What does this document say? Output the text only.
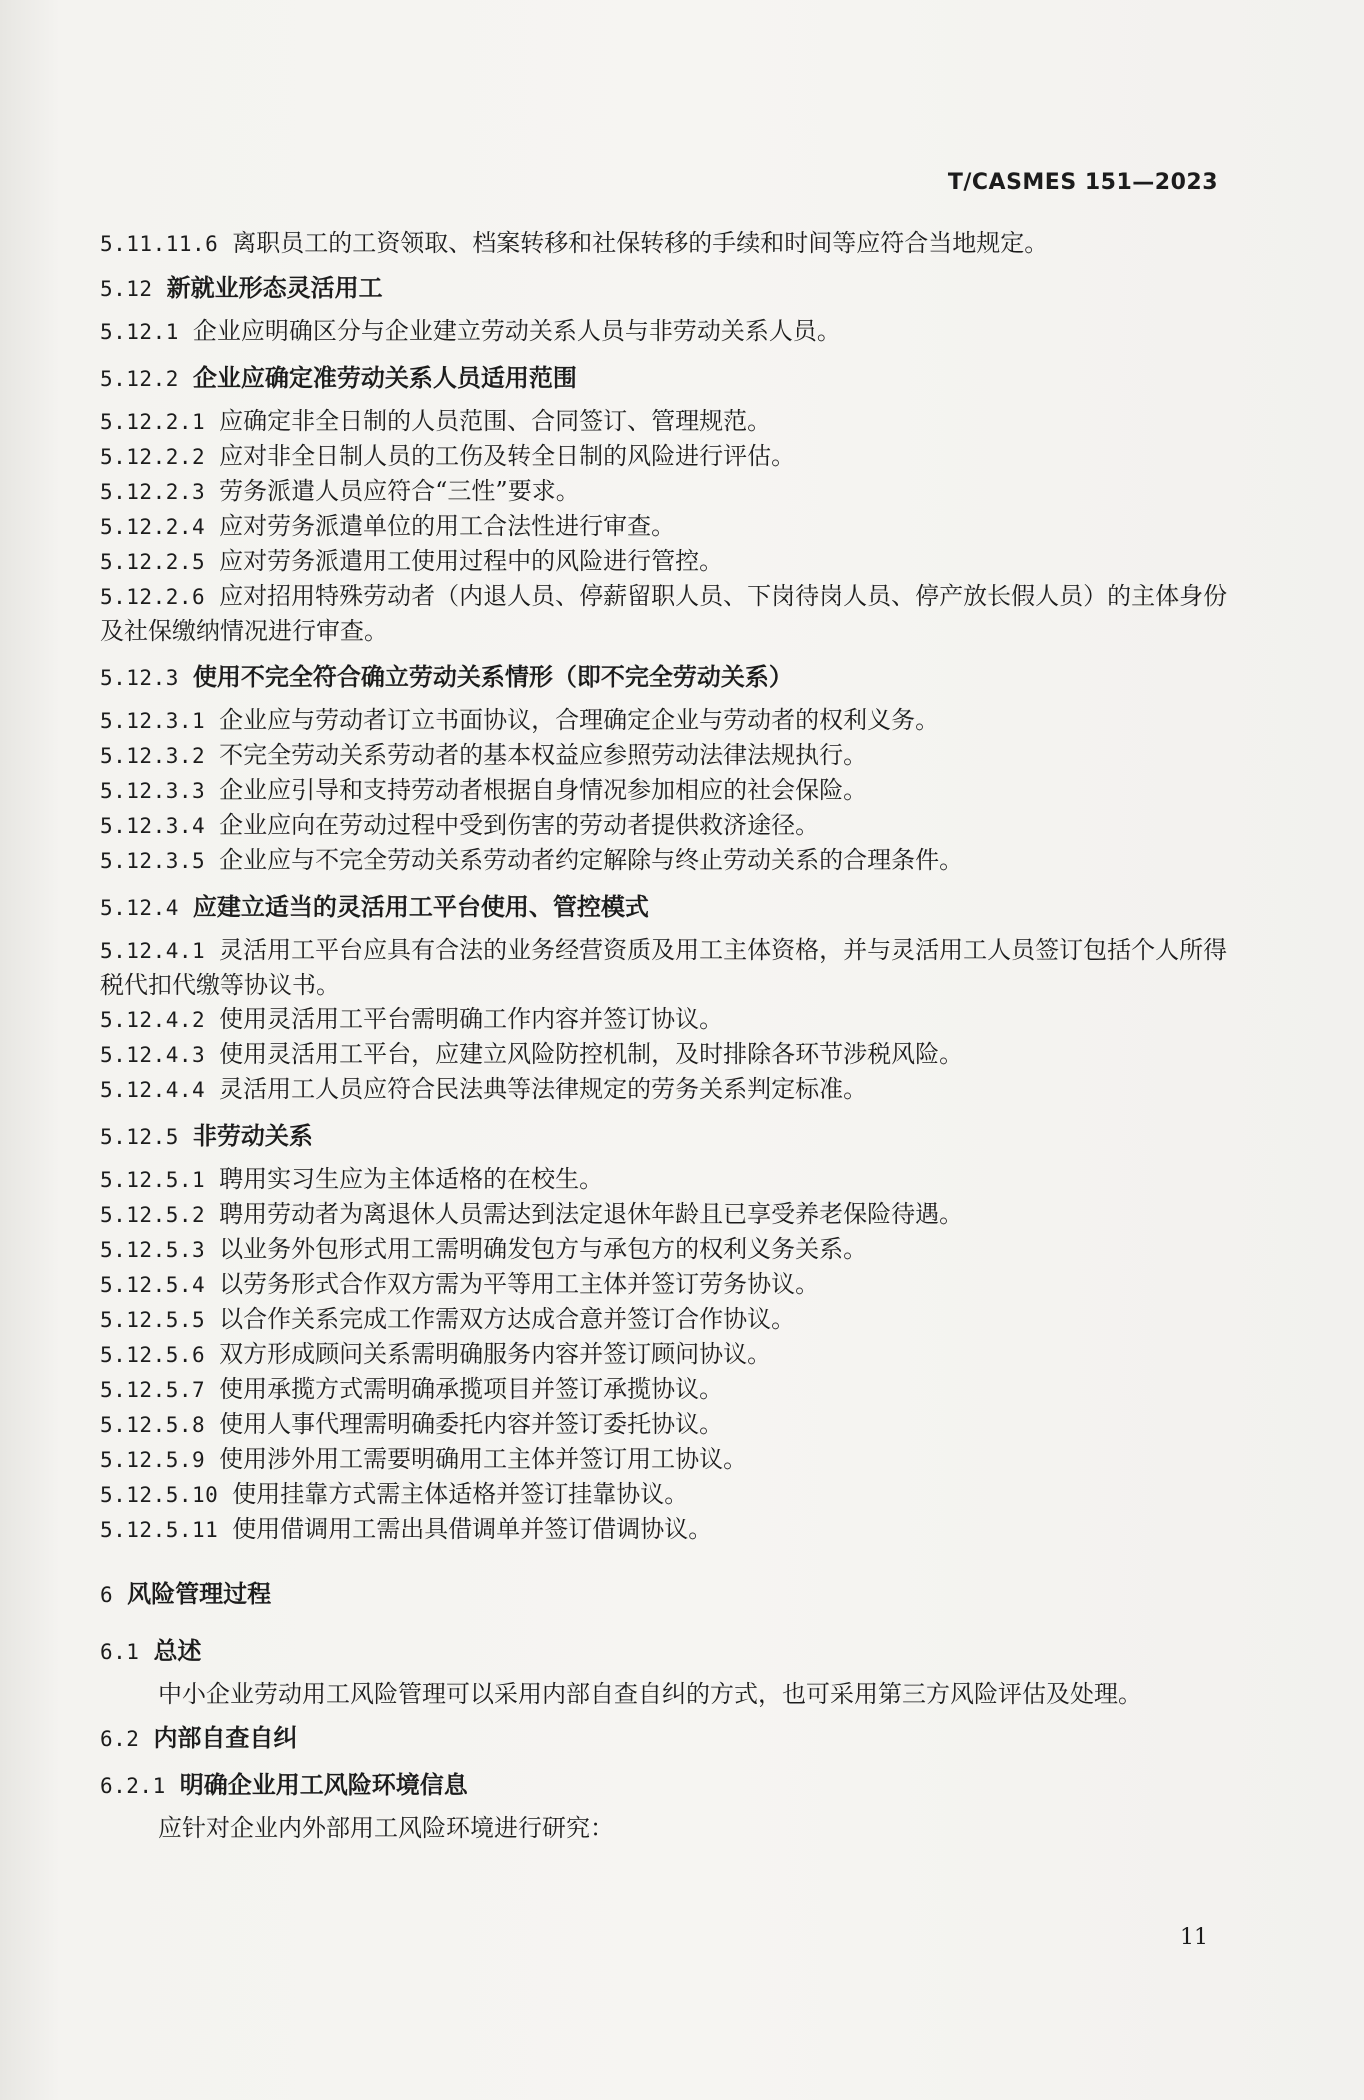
T/CASMES 151—2023
5.11.11.6 离职员工的工资领取、档案转移和社保转移的手续和时间等应符合当地规定。
5.12 新就业形态灵活用工
5.12.1 企业应明确区分与企业建立劳动关系人员与非劳动关系人员。
5.12.2 企业应确定准劳动关系人员适用范围
5.12.2.1 应确定非全日制的人员范围、合同签订、管理规范。
5.12.2.2 应对非全日制人员的工伤及转全日制的风险进行评估。
5.12.2.3 劳务派遣人员应符合“三性”要求。
5.12.2.4 应对劳务派遣单位的用工合法性进行审查。
5.12.2.5 应对劳务派遣用工使用过程中的风险进行管控。
5.12.2.6 应对招用特殊劳动者（内退人员、停薪留职人员、下岗待岗人员、停产放长假人员）的主体身份及社保缴纳情况进行审查。
5.12.3 使用不完全符合确立劳动关系情形（即不完全劳动关系）
5.12.3.1 企业应与劳动者订立书面协议，合理确定企业与劳动者的权利义务。
5.12.3.2 不完全劳动关系劳动者的基本权益应参照劳动法律法规执行。
5.12.3.3 企业应引导和支持劳动者根据自身情况参加相应的社会保险。
5.12.3.4 企业应向在劳动过程中受到伤害的劳动者提供救济途径。
5.12.3.5 企业应与不完全劳动关系劳动者约定解除与终止劳动关系的合理条件。
5.12.4 应建立适当的灵活用工平台使用、管控模式
5.12.4.1 灵活用工平台应具有合法的业务经营资质及用工主体资格，并与灵活用工人员签订包括个人所得税代扣代缴等协议书。
5.12.4.2 使用灵活用工平台需明确工作内容并签订协议。
5.12.4.3 使用灵活用工平台，应建立风险防控机制，及时排除各环节涉税风险。
5.12.4.4 灵活用工人员应符合民法典等法律规定的劳务关系判定标准。
5.12.5 非劳动关系
5.12.5.1 聘用实习生应为主体适格的在校生。
5.12.5.2 聘用劳动者为离退休人员需达到法定退休年龄且已享受养老保险待遇。
5.12.5.3 以业务外包形式用工需明确发包方与承包方的权利义务关系。
5.12.5.4 以劳务形式合作双方需为平等用工主体并签订劳务协议。
5.12.5.5 以合作关系完成工作需双方达成合意并签订合作协议。
5.12.5.6 双方形成顾问关系需明确服务内容并签订顾问协议。
5.12.5.7 使用承揽方式需明确承揽项目并签订承揽协议。
5.12.5.8 使用人事代理需明确委托内容并签订委托协议。
5.12.5.9 使用涉外用工需要明确用工主体并签订用工协议。
5.12.5.10 使用挂靠方式需主体适格并签订挂靠协议。
5.12.5.11 使用借调用工需出具借调单并签订借调协议。
6 风险管理过程
6.1 总述
中小企业劳动用工风险管理可以采用内部自查自纠的方式，也可采用第三方风险评估及处理。
6.2 内部自查自纠
6.2.1 明确企业用工风险环境信息
应针对企业内外部用工风险环境进行研究：
11
